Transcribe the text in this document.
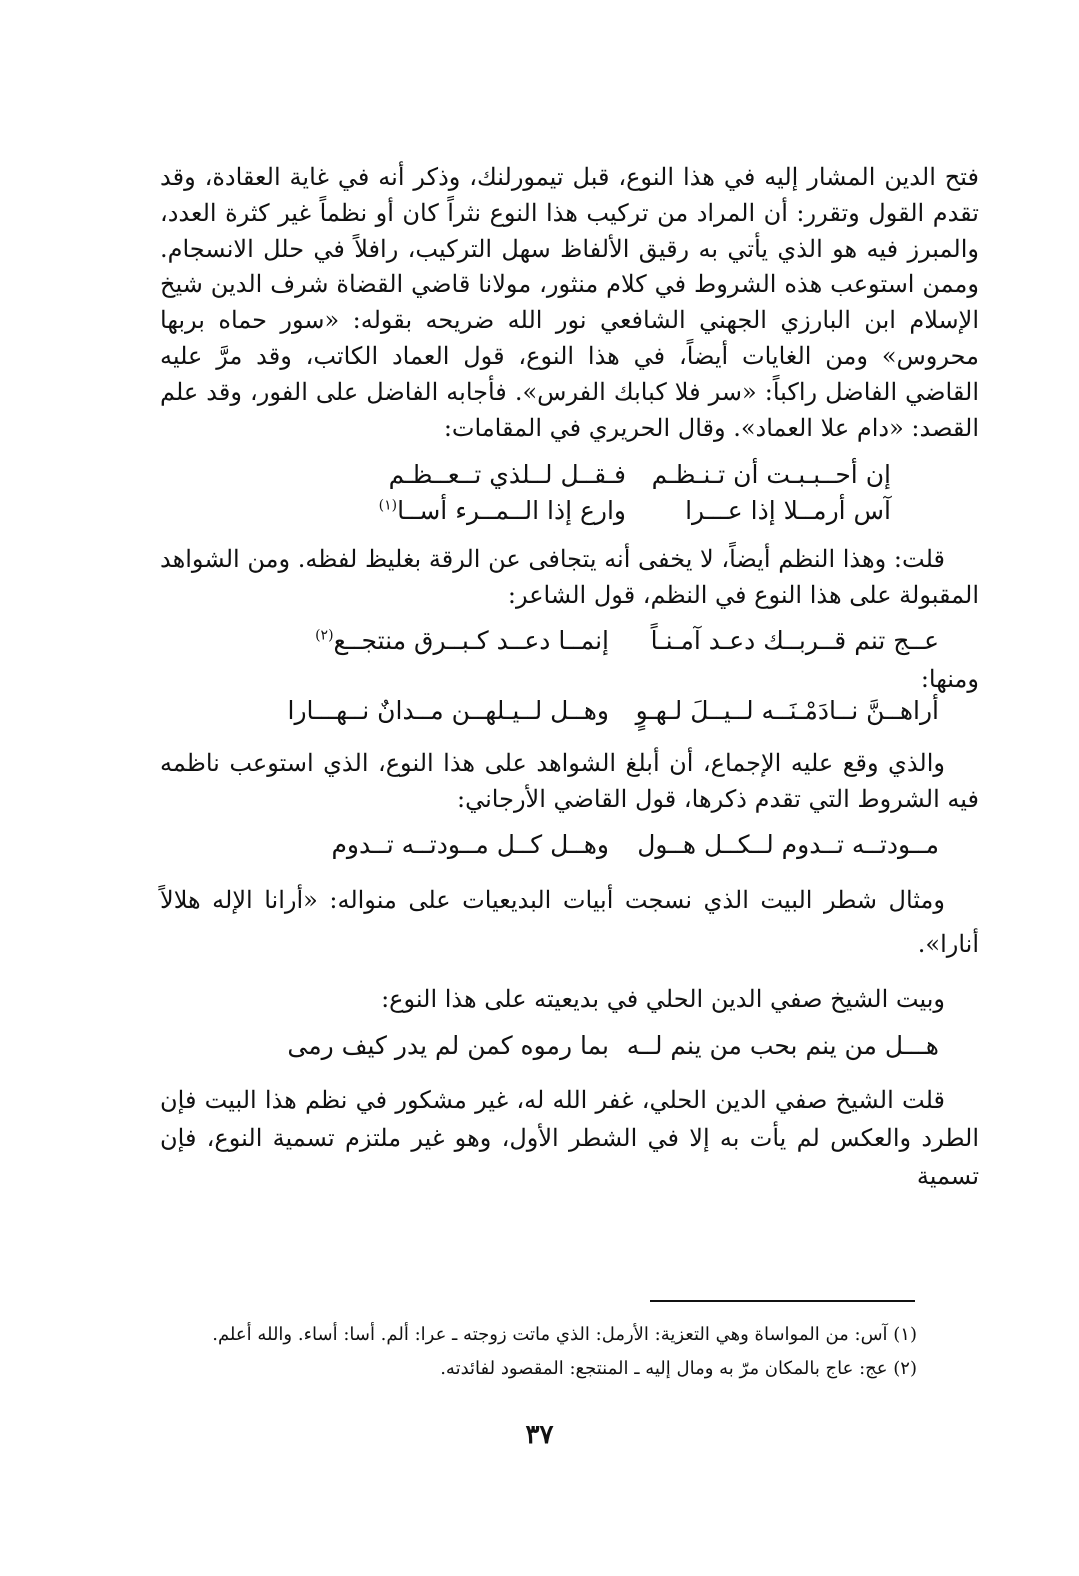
فتح الدين المشار إليه في هذا النوع، قبل تيمورلنك، وذكر أنه في غاية العقادة، وقد تقدم القول وتقرر: أن المراد من تركيب هذا النوع نثراً كان أو نظماً غير كثرة العدد، والمبرز فيه هو الذي يأتي به رقيق الألفاظ سهل التركيب، رافلاً في حلل الانسجام. وممن استوعب هذه الشروط في كلام منثور، مولانا قاضي القضاة شرف الدين شيخ الإسلام ابن البارزي الجهني الشافعي نور الله ضريحه بقوله: «سور حماه بربها محروس» ومن الغايات أيضاً، في هذا النوع، قول العماد الكاتب، وقد مرَّ عليه القاضي الفاضل راكباً: «سر فلا كبابك الفرس». فأجابه الفاضل على الفور، وقد علم القصد: «دام علا العماد». وقال الحريري في المقامات:

إن أحــبـبـت أن تـنـظـم
فـقــل لــلذي تــعــظـم
آس أرمــلا إذا عـــرا
وارع إذا الــمــرء أســا$^{(١)}$

قلت: وهذا النظم أيضاً، لا يخفى أنه يتجافى عن الرقة بغليظ لفظه. ومن الشواهد المقبولة على هذا النوع في النظم، قول الشاعر:

عــج تنم قــربــك دعـد آمـنـاً
إنمــا دعــد كـبــرق منتجــع$^{(٢)}$

ومنها:

أراهــنَّ نــادَمْـنَــه لــيــلَ لـهـوٍ
وهــل لــيـلهــن مــدانٌ نــهـــارا

والذي وقع عليه الإجماع، أن أبلغ الشواهد على هذا النوع، الذي استوعب ناظمه فيه الشروط التي تقدم ذكرها، قول القاضي الأرجاني:

مــودتــه تــدوم لــكــل هــول
وهــل كــل مــودتــه تــدوم

ومثال شطر البيت الذي نسجت أبيات البديعيات على منواله: «أرانا الإله هلالاً أنارا».

وبيت الشيخ صفي الدين الحلي في بديعيته على هذا النوع:

هـــل من ينم بحب من ينم لــه
بما رموه كمن لم يدر كيف رمى

قلت الشيخ صفي الدين الحلي، غفر الله له، غير مشكور في نظم هذا البيت فإن الطرد والعكس لم يأت به إلا في الشطر الأول، وهو غير ملتزم تسمية النوع، فإن تسمية

(١) آس: من المواساة وهي التعزية: الأرمل: الذي ماتت زوجته ـ عرا: ألم. أسا: أساء. والله أعلم.

(٢) عج: عاج بالمكان مرّ به ومال إليه ـ المنتجع: المقصود لفائدته.

٣٧
